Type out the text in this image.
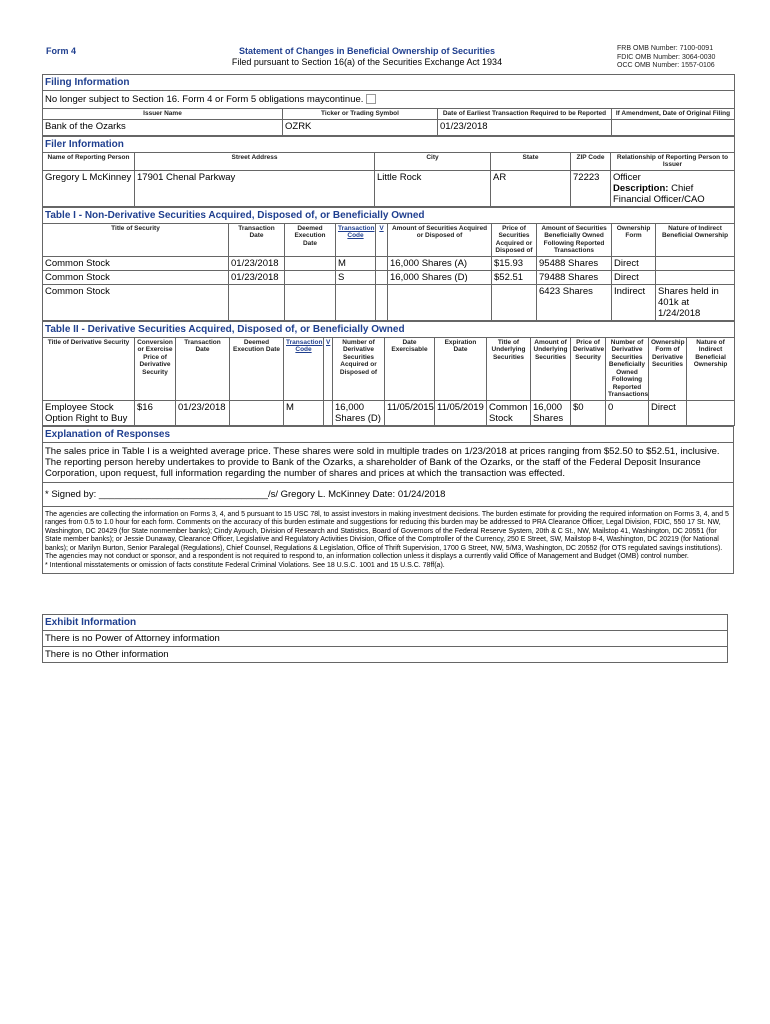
Form 4	Statement of Changes in Beneficial Ownership of Securities
Filed pursuant to Section 16(a) of the Securities Exchange Act 1934
FRB OMB Number: 7100-0091
FDIC OMB Number: 3064-0030
OCC OMB Number: 1557-0106
Filing Information			
No longer subject to Section 16. Form 4 or Form 5 obligations maycontinue.			
Issuer Name	Ticker or Trading Symbol	Date of Earliest Transaction Required to be Reported	If Amendment, Date of Original Filing
Bank of the Ozarks	OZRK	01/23/2018	
Filer Information					
Name of Reporting Person	Street Address	City	State	ZIP Code	Relationship of Reporting Person to Issuer
Gregory L McKinney	17901 Chenal Parkway	Little Rock	AR	72223	Officer
Description: Chief Financial Officer/CAO
Table I - Non-Derivative Securities Acquired, Disposed of, or Beneficially Owned									
Title of Security	Transaction Date	Deemed Execution Date	Transaction Code	V	Amount of Securities Acquired or Disposed of	Price of Securities Acquired or Disposed of	Amount of Securities Beneficially Owned Following Reported Transactions	Ownership Form	Nature of Indirect Beneficial Ownership
Common Stock	01/23/2018		M		16,000 Shares (A)	$15.93	95488 Shares	Direct	
Common Stock	01/23/2018		S		16,000 Shares (D)	$52.51	79488 Shares	Direct	
Common Stock							6423 Shares	Indirect	Shares held in 401k at 1/24/2018
Table II - Derivative Securities Acquired, Disposed of, or Beneficially Owned														
Title of Derivative Security	Conversion or Exercise Price of Derivative Security	Transaction Date	Deemed Execution Date	Transaction Code	V	Number of Derivative Securities Acquired or Disposed of	Date Exercisable	Expiration Date	Title of Underlying Securities	Amount of Underlying Securities	Price of Derivative Security	Number of Derivative Securities Beneficially Owned Following Reported Transactions	Ownership Form of Derivative Securities	Nature of Indirect Beneficial Ownership
Employee Stock Option Right to Buy	$16	01/23/2018		M		16,000 Shares (D)	11/05/2015	11/05/2019	Common Stock	16,000 Shares	$0	0	Direct	
Explanation of Responses
The sales price in Table I is a weighted average price. These shares were sold in multiple trades on 1/23/2018 at prices ranging from $52.50 to $52.51, inclusive. The reporting person hereby undertakes to provide to Bank of the Ozarks, a shareholder of Bank of the Ozarks, or the staff of the Federal Deposit Insurance Corporation, upon request, full information regarding the number of shares and prices at which the transaction was effected.
* Signed by: ________________________________/s/ Gregory L. McKinney Date: 01/24/2018

The agencies are collecting the information on Forms 3, 4, and 5 pursuant to 15 USC 78l, to assist investors in making investment decisions. The burden estimate for providing the required information on Forms 3, 4, and 5 ranges from 0.5 to 1.0 hour for each form. Comments on the accuracy of this burden estimate and suggestions for reducing this burden may be addressed to PRA Clearance Officer, Legal Division, FDIC, 550 17 St. NW, Washington, DC 20429 (for State nonmember banks); Cindy Ayouch, Division of Research and Statistics, Board of Governors of the Federal Reserve System, 20th & C St., NW, Mailstop 41, Washington, DC 20551 (for State member banks); or Jessie Dunaway, Clearance Officer, Legislative and Regulatory Activities Division, Office of the Comptroller of the Currency, 250 E Street, SW, Mailstop 8-4, Washington, DC 20219 (for National banks); or Marilyn Burton, Senior Paralegal (Regulations), Chief Counsel, Regulations & Legislation, Office of Thrift Supervision, 1700 G Street, NW, 5/M3, Washington, DC 20552 (for OTS regulated savings institutions). The agencies may not conduct or sponsor, and a respondent is not required to respond to, an information collection unless it displays a currently valid Office of Management and Budget (OMB) control number.
* Intentional misstatements or omission of facts constitute Federal Criminal Violations. See 18 U.S.C. 1001 and 15 U.S.C. 78ff(a).
Exhibit Information
There is no Power of Attorney information
There is no Other information
